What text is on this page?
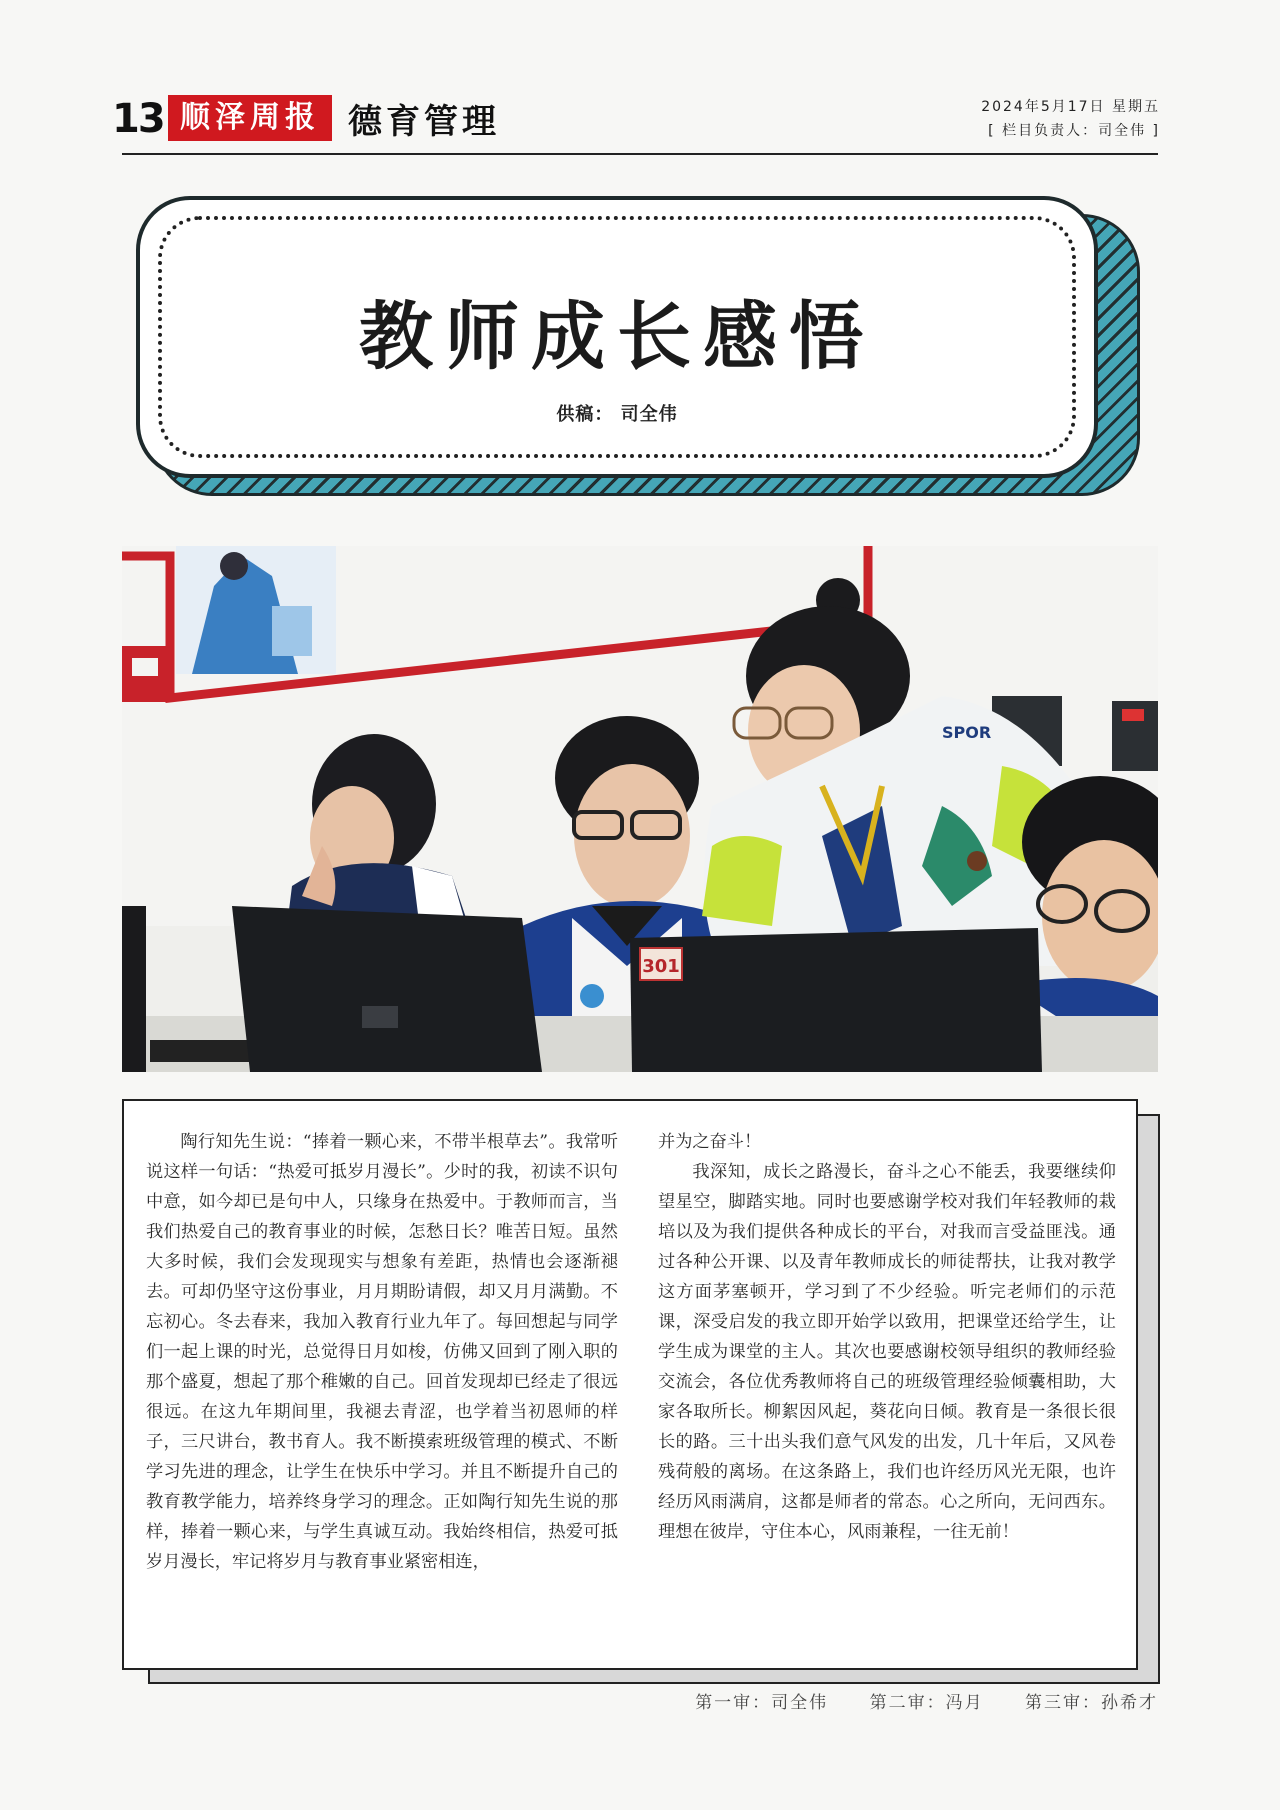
13 顺泽周报 德育管理	2024年5月17日 星期五
[ 栏目负责人：司全伟 ]
教师成长感悟
供稿： 司全伟
SPOR
301

陶行知先生说：“捧着一颗心来，不带半根草去”。我常听说这样一句话：“热爱可抵岁月漫长”。少时的我，初读不识句中意，如今却已是句中人，只缘身在热爱中。于教师而言，当我们热爱自己的教育事业的时候，怎愁日长？唯苦日短。虽然大多时候，我们会发现现实与想象有差距，热情也会逐渐褪去。可却仍坚守这份事业，月月期盼请假，却又月月满勤。不忘初心。冬去春来，我加入教育行业九年了。每回想起与同学们一起上课的时光，总觉得日月如梭，仿佛又回到了刚入职的那个盛夏，想起了那个稚嫩的自己。回首发现却已经走了很远很远。在这九年期间里，我褪去青涩，也学着当初恩师的样子，三尺讲台，教书育人。我不断摸索班级管理的模式、不断学习先进的理念，让学生在快乐中学习。并且不断提升自己的教育教学能力，培养终身学习的理念。正如陶行知先生说的那样，捧着一颗心来，与学生真诚互动。我始终相信，热爱可抵岁月漫长，牢记将岁月与教育事业紧密相连，

并为之奋斗！

我深知，成长之路漫长，奋斗之心不能丢，我要继续仰望星空，脚踏实地。同时也要感谢学校对我们年轻教师的栽培以及为我们提供各种成长的平台，对我而言受益匪浅。通过各种公开课、以及青年教师成长的师徒帮扶，让我对教学这方面茅塞顿开，学习到了不少经验。听完老师们的示范课，深受启发的我立即开始学以致用，把课堂还给学生，让学生成为课堂的主人。其次也要感谢校领导组织的教师经验交流会，各位优秀教师将自己的班级管理经验倾囊相助，大家各取所长。柳絮因风起，葵花向日倾。教育是一条很长很长的路。三十出头我们意气风发的出发，几十年后，又风卷残荷般的离场。在这条路上，我们也许经历风光无限，也许经历风雨满肩，这都是师者的常态。心之所向，无问西东。理想在彼岸，守住本心，风雨兼程，一往无前！

第一审：司全伟 第二审：冯月 第三审：孙希才
